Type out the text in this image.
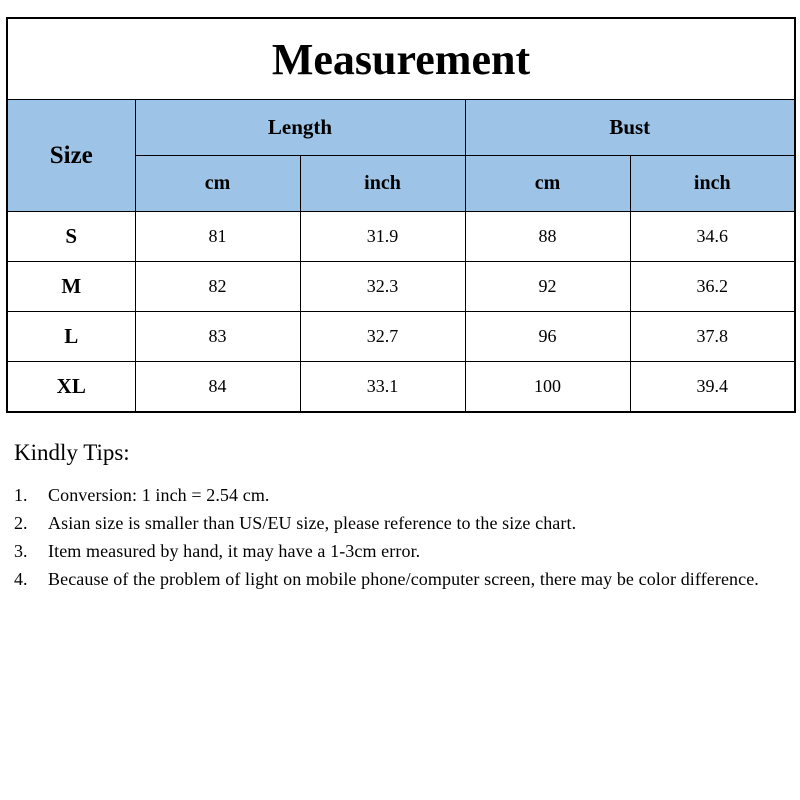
Measurement				
Size	Length		Bust	
	cm	inch	cm	inch
S	81	31.9	88	34.6
M	82	32.3	92	36.2
L	83	32.7	96	37.8
XL	84	33.1	100	39.4
Kindly Tips:
1.	Conversion: 1 inch = 2.54 cm.
2.	Asian size is smaller than US/EU size, please reference to the size chart.
3.	Item measured by hand, it may have a 1-3cm error.
4.	Because of the problem of light on mobile phone/computer screen, there may be color difference.
